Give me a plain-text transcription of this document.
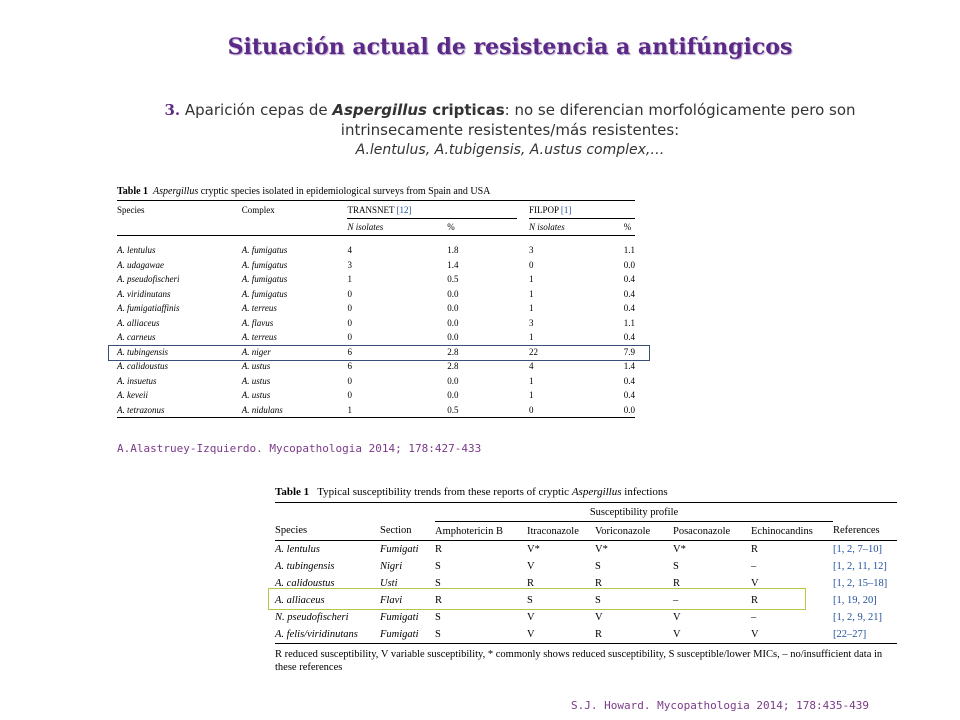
Situación actual de resistencia a antifúngicos
3. Aparición cepas de Aspergillus cripticas: no se diferencian morfológicamente pero son intrinsecamente resistentes/más resistentes:
A.lentulus, A.tubigensis, A.ustus complex,…
Table 1 Aspergillus cryptic species isolated in epidemiological surveys from Spain and USA
Species	Complex	TRANSNET [12]			FILPOP [1]	
		N isolates	%		N isolates	%

A. lentulus	A. fumigatus	4	1.8		3	1.1
A. udagawae	A. fumigatus	3	1.4		0	0.0
A. pseudofischeri	A. fumigatus	1	0.5		1	0.4
A. viridinutans	A. fumigatus	0	0.0		1	0.4
A. fumigatiaffinis	A. terreus	0	0.0		1	0.4
A. alliaceus	A. flavus	0	0.0		3	1.1
A. carneus	A. terreus	0	0.0		1	0.4
A. tubingensis	A. niger	6	2.8		22	7.9
A. calidoustus	A. ustus	6	2.8		4	1.4
A. insuetus	A. ustus	0	0.0		1	0.4
A. keveii	A. ustus	0	0.0		1	0.4
A. tetrazonus	A. nidulans	1	0.5		0	0.0
A.Alastruey-Izquierdo. Mycopathologia 2014; 178:427-433
Table 1   Typical susceptibility trends from these reports of cryptic Aspergillus infections
		Susceptibility profile					
Species	Section	Amphotericin B	Itraconazole	Voriconazole	Posaconazole	Echinocandins	References
A. lentulus	Fumigati	R	V*	V*	V*	R	[1, 2, 7–10]
A. tubingensis	Nigri	S	V	S	S	–	[1, 2, 11, 12]
A. calidoustus	Usti	S	R	R	R	V	[1, 2, 15–18]
A. alliaceus	Flavi	R	S	S	–	R	[1, 19, 20]
N. pseudofischeri	Fumigati	S	V	V	V	–	[1, 2, 9, 21]
A. felis/viridinutans	Fumigati	S	V	R	V	V	[22–27]
R reduced susceptibility, V variable susceptibility, * commonly shows reduced susceptibility, S susceptible/lower MICs, – no/insufficient data in these references
S.J. Howard. Mycopathologia 2014; 178:435-439
